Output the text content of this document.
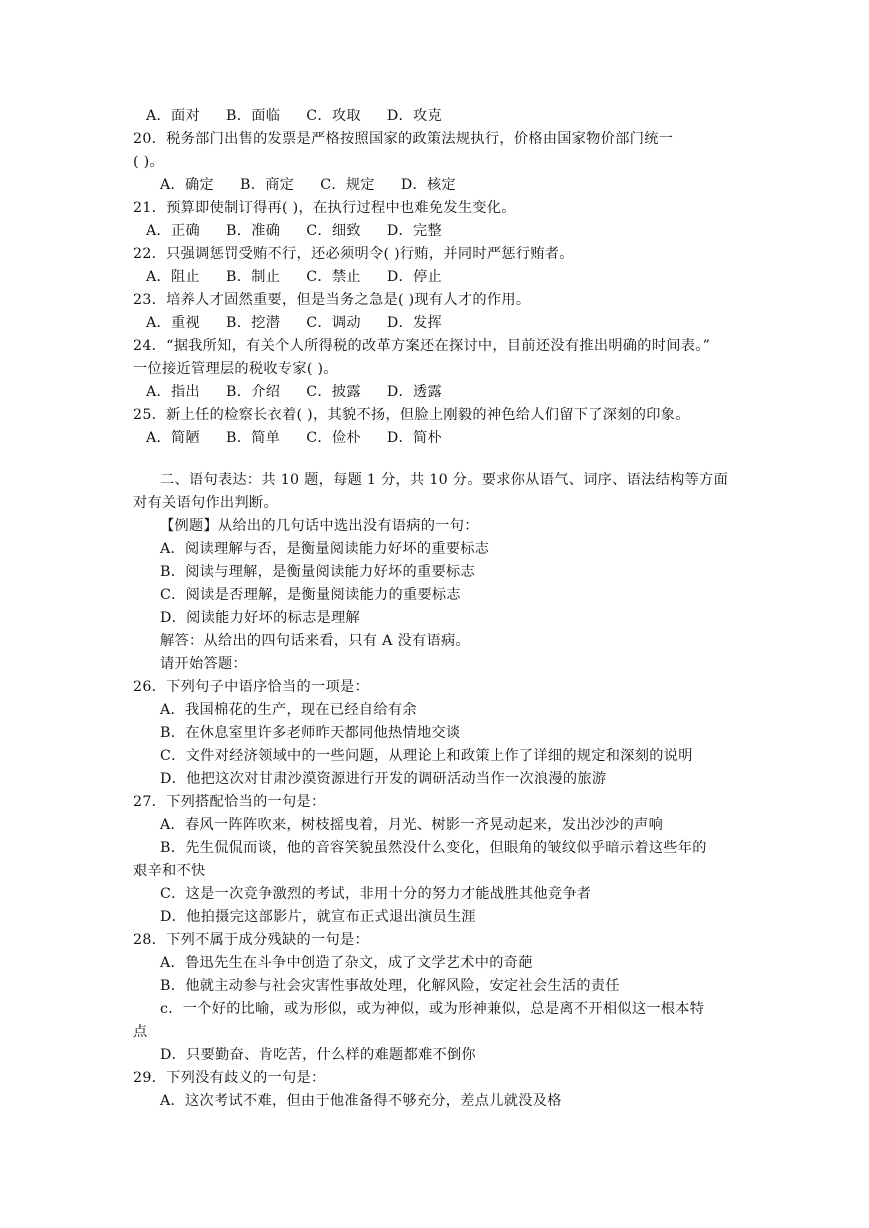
A．面对 B．面临 C．攻取 D．攻克
20．税务部门出售的发票是严格按照国家的政策法规执行，价格由国家物价部门统一
( )。
A．确定 B．商定 C．规定 D．核定
21．预算即使制订得再( )，在执行过程中也难免发生变化。
A．正确 B．准确 C．细致 D．完整
22．只强调惩罚受贿不行，还必须明令( )行贿，并同时严惩行贿者。
A．阻止 B．制止 C．禁止 D．停止
23．培养人才固然重要，但是当务之急是( )现有人才的作用。
A．重视 B．挖潜 C．调动 D．发挥
24．“据我所知，有关个人所得税的改革方案还在探讨中，目前还没有推出明确的时间表。”
一位接近管理层的税收专家( )。
A．指出 B．介绍 C．披露 D．透露
25．新上任的检察长衣着( )，其貌不扬，但脸上刚毅的神色给人们留下了深刻的印象。
A．简陋 B．简单 C．俭朴 D．简朴
二、语句表达：共 10 题，每题 1 分，共 10 分。要求你从语气、词序、语法结构等方面
对有关语句作出判断。
【例题】从给出的几句话中选出没有语病的一句：
A．阅读理解与否，是衡量阅读能力好坏的重要标志
B．阅读与理解，是衡量阅读能力好坏的重要标志
C．阅读是否理解，是衡量阅读能力的重要标志
D．阅读能力好坏的标志是理解
解答：从给出的四句话来看，只有 A 没有语病。
请开始答题：
26．下列句子中语序恰当的一项是：
A．我国棉花的生产，现在已经自给有余
B．在休息室里许多老师昨天都同他热情地交谈
C．文件对经济领域中的一些问题，从理论上和政策上作了详细的规定和深刻的说明
D．他把这次对甘肃沙漠资源进行开发的调研活动当作一次浪漫的旅游
27．下列搭配恰当的一句是：
A．春风一阵阵吹来，树枝摇曳着，月光、树影一齐晃动起来，发出沙沙的声响
B．先生侃侃而谈，他的音容笑貌虽然没什么变化，但眼角的皱纹似乎暗示着这些年的
艰辛和不快
C．这是一次竞争激烈的考试，非用十分的努力才能战胜其他竞争者
D．他拍摄完这部影片，就宣布正式退出演员生涯
28．下列不属于成分残缺的一句是：
A．鲁迅先生在斗争中创造了杂文，成了文学艺术中的奇葩
B．他就主动参与社会灾害性事故处理，化解风险，安定社会生活的责任
c．一个好的比喻，或为形似，或为神似，或为形神兼似，总是离不开相似这一根本特
点
D．只要勤奋、肯吃苦，什么样的难题都难不倒你
29．下列没有歧义的一句是：
A．这次考试不难，但由于他准备得不够充分，差点儿就没及格
